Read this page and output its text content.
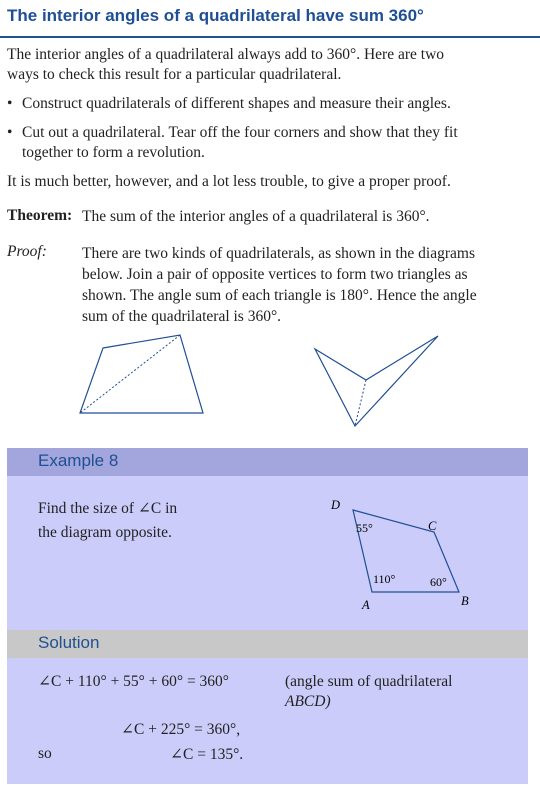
The interior angles of a quadrilateral have sum 360°
The interior angles of a quadrilateral always add to 360°. Here are two
ways to check this result for a particular quadrilateral.
• Construct quadrilaterals of different shapes and measure their angles.
• Cut out a quadrilateral. Tear off the four corners and show that they fit
together to form a revolution.
It is much better, however, and a lot less trouble, to give a proper proof.
Theorem: The sum of the interior angles of a quadrilateral is 360°.
Proof: There are two kinds of quadrilaterals, as shown in the diagrams
below. Join a pair of opposite vertices to form two triangles as
shown. The angle sum of each triangle is 180°. Hence the angle
sum of the quadrilateral is 360°.
Example 8
Find the size of ∠C in
the diagram opposite.
D
C
A	B
55°
110°	60°
Solution
∠C + 110° + 55° + 60° = 360°	(angle sum of quadrilateral
ABCD)
∠C + 225° = 360°,
so	∠C = 135°.
